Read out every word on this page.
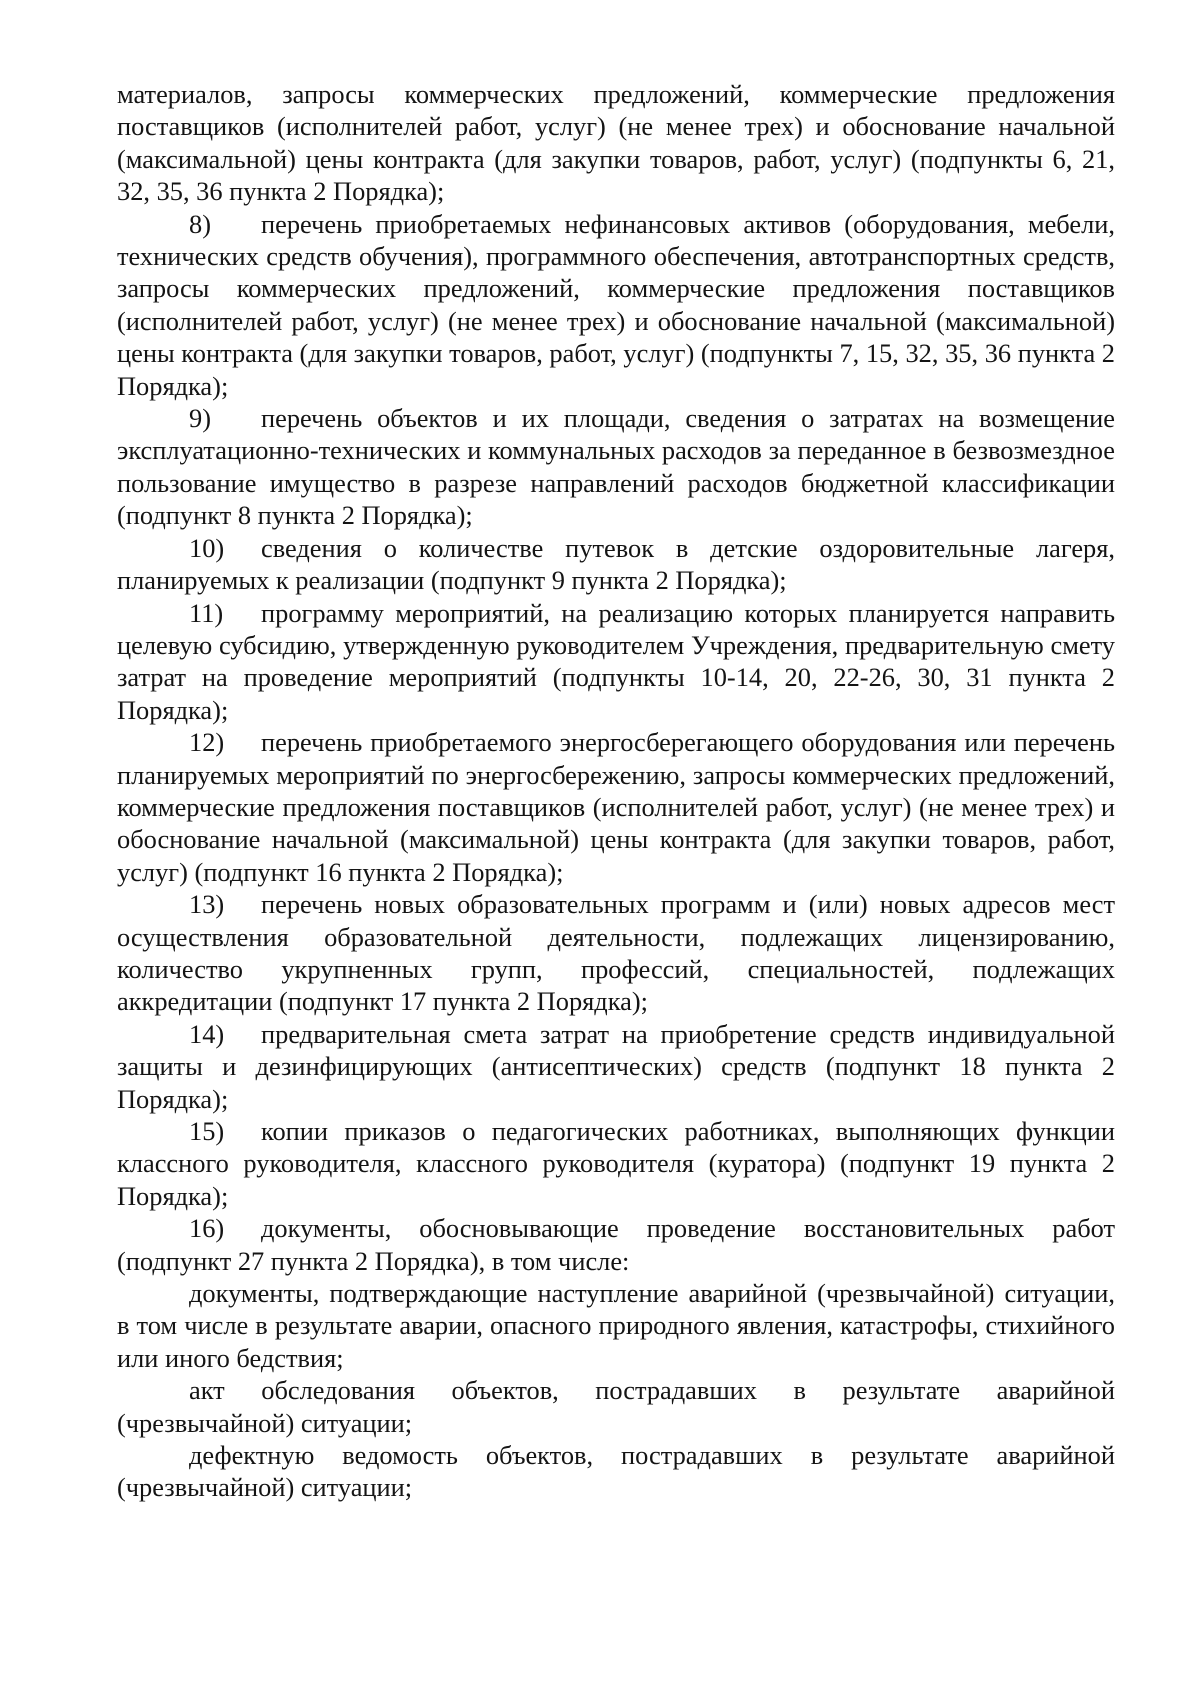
материалов, запросы коммерческих предложений, коммерческие предложения поставщиков (исполнителей работ, услуг) (не менее трех) и обоснование начальной (максимальной) цены контракта (для закупки товаров, работ, услуг) (подпункты 6, 21, 32, 35, 36 пункта 2 Порядка);

8) перечень приобретаемых нефинансовых активов (оборудования, мебели, технических средств обучения), программного обеспечения, автотранспортных средств, запросы коммерческих предложений, коммерческие предложения поставщиков (исполнителей работ, услуг) (не менее трех) и обоснование начальной (максимальной) цены контракта (для закупки товаров, работ, услуг) (подпункты 7, 15, 32, 35, 36 пункта 2 Порядка);

9) перечень объектов и их площади, сведения о затратах на возмещение эксплуатационно-технических и коммунальных расходов за переданное в безвозмездное пользование имущество в разрезе направлений расходов бюджетной классификации (подпункт 8 пункта 2 Порядка);

10) сведения о количестве путевок в детские оздоровительные лагеря, планируемых к реализации (подпункт 9 пункта 2 Порядка);

11) программу мероприятий, на реализацию которых планируется направить целевую субсидию, утвержденную руководителем Учреждения, предварительную смету затрат на проведение мероприятий (подпункты 10-14, 20, 22-26, 30, 31 пункта 2 Порядка);

12) перечень приобретаемого энергосберегающего оборудования или перечень планируемых мероприятий по энергосбережению, запросы коммерческих предложений, коммерческие предложения поставщиков (исполнителей работ, услуг) (не менее трех) и обоснование начальной (максимальной) цены контракта (для закупки товаров, работ, услуг) (подпункт 16 пункта 2 Порядка);

13) перечень новых образовательных программ и (или) новых адресов мест осуществления образовательной деятельности, подлежащих лицензированию, количество укрупненных групп, профессий, специальностей, подлежащих аккредитации (подпункт 17 пункта 2 Порядка);

14) предварительная смета затрат на приобретение средств индивидуальной защиты и дезинфицирующих (антисептических) средств (подпункт 18 пункта 2 Порядка);

15) копии приказов о педагогических работниках, выполняющих функции классного руководителя, классного руководителя (куратора) (подпункт 19 пункта 2 Порядка);

16) документы, обосновывающие проведение восстановительных работ (подпункт 27 пункта 2 Порядка), в том числе:

документы, подтверждающие наступление аварийной (чрезвычайной) ситуации, в том числе в результате аварии, опасного природного явления, катастрофы, стихийного или иного бедствия;

акт обследования объектов, пострадавших в результате аварийной (чрезвычайной) ситуации;

дефектную ведомость объектов, пострадавших в результате аварийной (чрезвычайной) ситуации;
